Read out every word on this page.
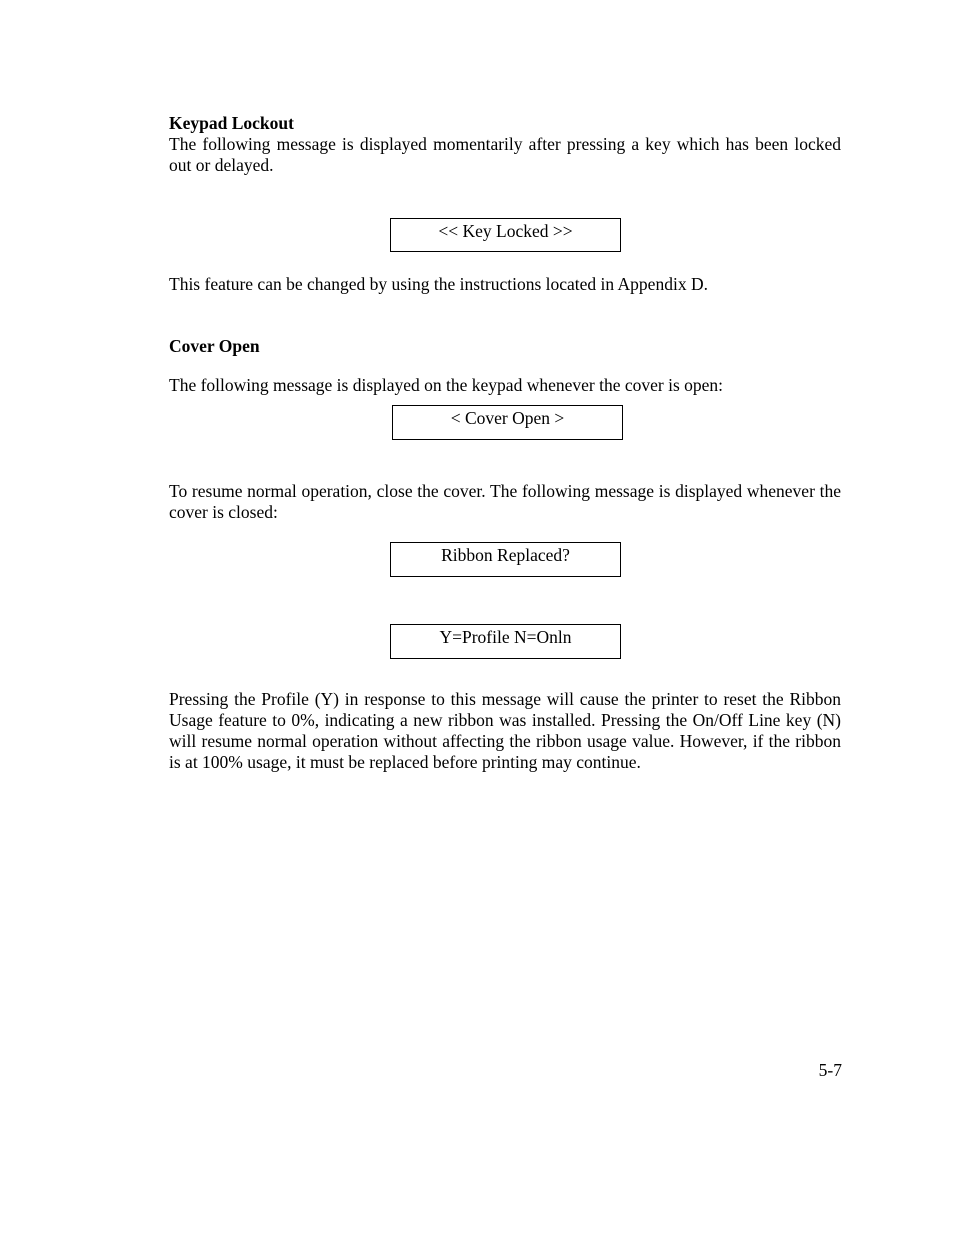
Keypad Lockout
The following message is displayed momentarily after pressing a key which has been locked out or delayed.
<< Key Locked >>
This feature can be changed by using the instructions located in Appendix D.
Cover Open
The following message is displayed on the keypad whenever the cover is open:
< Cover Open >
To resume normal operation, close the cover. The following message is displayed whenever the cover is closed:
Ribbon Replaced?
Y=Profile N=Onln
Pressing the Profile (Y) in response to this message will cause the printer to reset the Ribbon Usage feature to 0%, indicating a new ribbon was installed. Pressing the On/Off Line key (N) will resume normal operation without affecting the ribbon usage value. However, if the ribbon is at 100% usage, it must be replaced before printing may continue.
5-7
